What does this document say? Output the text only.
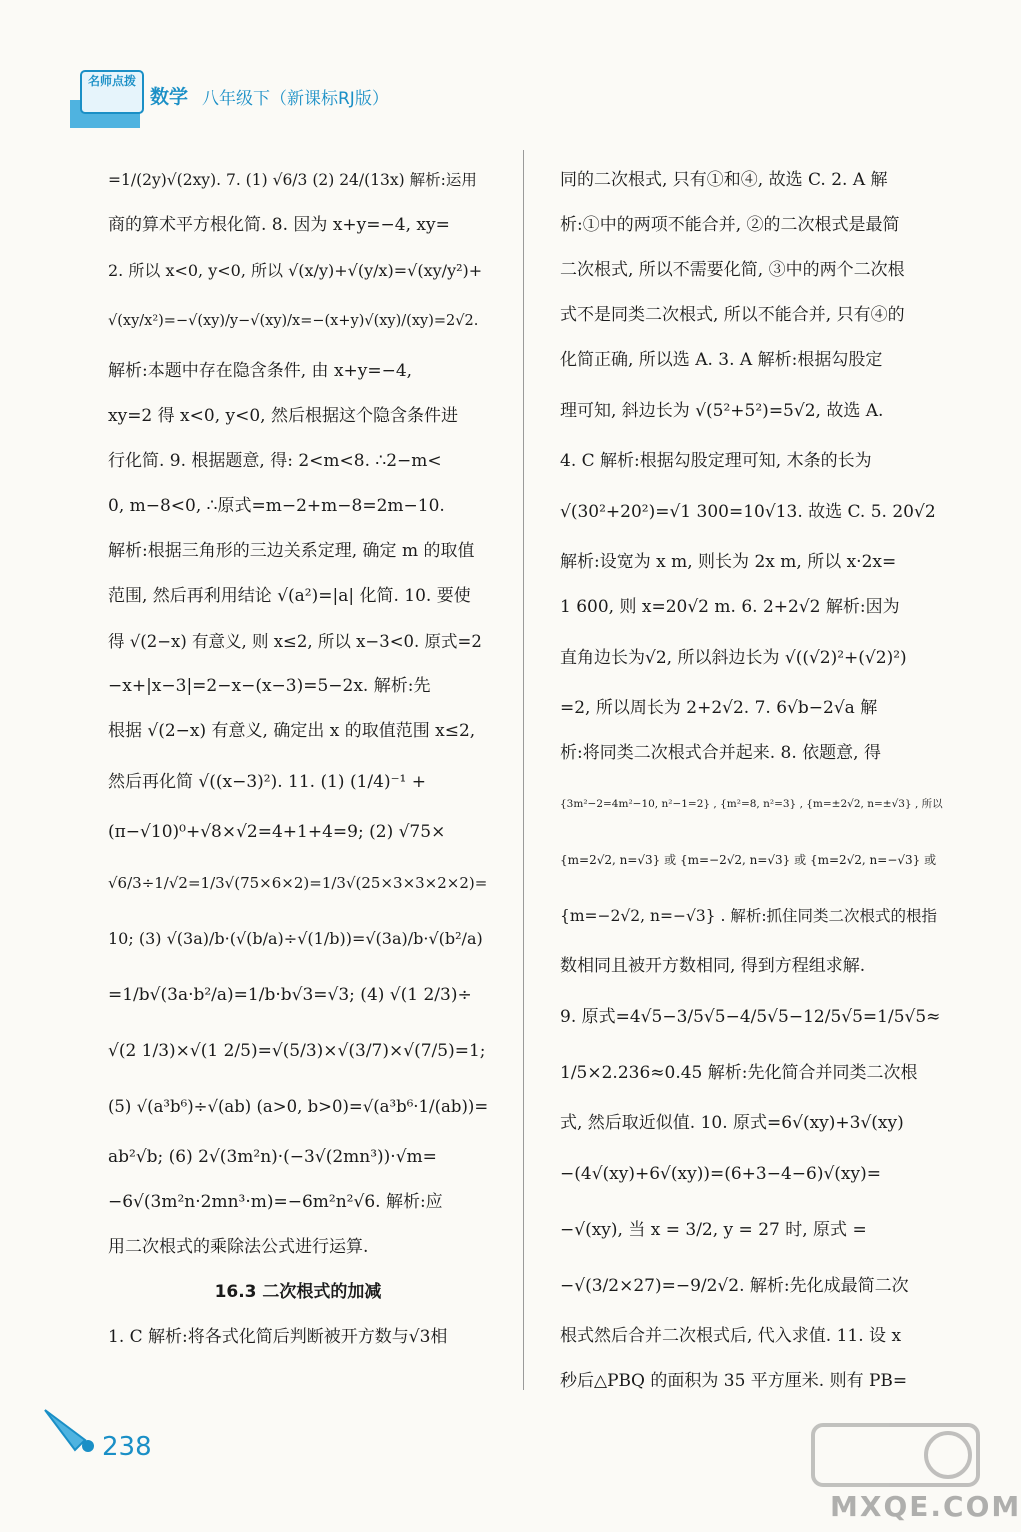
名师点拨
数学 八年级下（新课标RJ版）
=1/(2y)√(2xy). 7. (1) √6/3 (2) 24/(13x) 解析:运用
商的算术平方根化简. 8. 因为 x+y=−4, xy=
2. 所以 x<0, y<0, 所以 √(x/y)+√(y/x)=√(xy/y²)+
√(xy/x²)=−√(xy)/y−√(xy)/x=−(x+y)√(xy)/(xy)=2√2.
解析:本题中存在隐含条件, 由 x+y=−4,
xy=2 得 x<0, y<0, 然后根据这个隐含条件进
行化简. 9. 根据题意, 得: 2<m<8. ∴2−m<
0, m−8<0, ∴原式=m−2+m−8=2m−10.
解析:根据三角形的三边关系定理, 确定 m 的取值
范围, 然后再利用结论 √(a²)=|a| 化简. 10. 要使
得 √(2−x) 有意义, 则 x≤2, 所以 x−3<0. 原式=2
−x+|x−3|=2−x−(x−3)=5−2x. 解析:先
根据 √(2−x) 有意义, 确定出 x 的取值范围 x≤2,
然后再化简 √((x−3)²). 11. (1) (1/4)⁻¹ +
(π−√10)⁰+√8×√2=4+1+4=9; (2) √75×
√6/3÷1/√2=1/3√(75×6×2)=1/3√(25×3×3×2×2)=
10; (3) √(3a)/b·(√(b/a)÷√(1/b))=√(3a)/b·√(b²/a)
=1/b√(3a·b²/a)=1/b·b√3=√3; (4) √(1 2/3)÷
√(2 1/3)×√(1 2/5)=√(5/3)×√(3/7)×√(7/5)=1;
(5) √(a³b⁶)÷√(ab) (a>0, b>0)=√(a³b⁶·1/(ab))=
ab²√b; (6) 2√(3m²n)·(−3√(2mn³))·√m=
−6√(3m²n·2mn³·m)=−6m²n²√6. 解析:应
用二次根式的乘除法公式进行运算.
16.3 二次根式的加减
1. C 解析:将各式化简后判断被开方数与√3相
同的二次根式, 只有①和④, 故选 C. 2. A 解
析:①中的两项不能合并, ②的二次根式是最简
二次根式, 所以不需要化简, ③中的两个二次根
式不是同类二次根式, 所以不能合并, 只有④的
化简正确, 所以选 A. 3. A 解析:根据勾股定
理可知, 斜边长为 √(5²+5²)=5√2, 故选 A.
4. C 解析:根据勾股定理可知, 木条的长为
√(30²+20²)=√1 300=10√13. 故选 C. 5. 20√2
解析:设宽为 x m, 则长为 2x m, 所以 x·2x=
1 600, 则 x=20√2 m. 6. 2+2√2 解析:因为
直角边长为√2, 所以斜边长为 √((√2)²+(√2)²)
=2, 所以周长为 2+2√2. 7. 6√b−2√a 解
析:将同类二次根式合并起来. 8. 依题意, 得
{3m²−2=4m²−10, n²−1=2} , {m²=8, n²=3} , {m=±2√2, n=±√3} , 所以
{m=2√2, n=√3} 或 {m=−2√2, n=√3} 或 {m=2√2, n=−√3} 或
{m=−2√2, n=−√3} . 解析:抓住同类二次根式的根指
数相同且被开方数相同, 得到方程组求解.
9. 原式=4√5−3/5√5−4/5√5−12/5√5=1/5√5≈
1/5×2.236≈0.45 解析:先化简合并同类二次根
式, 然后取近似值. 10. 原式=6√(xy)+3√(xy)
−(4√(xy)+6√(xy))=(6+3−4−6)√(xy)=
−√(xy), 当 x = 3/2, y = 27 时, 原式 =
−√(3/2×27)=−9/2√2. 解析:先化成最简二次
根式然后合并二次根式后, 代入求值. 11. 设 x
秒后△PBQ 的面积为 35 平方厘米. 则有 PB=
238
MXQE.COM
